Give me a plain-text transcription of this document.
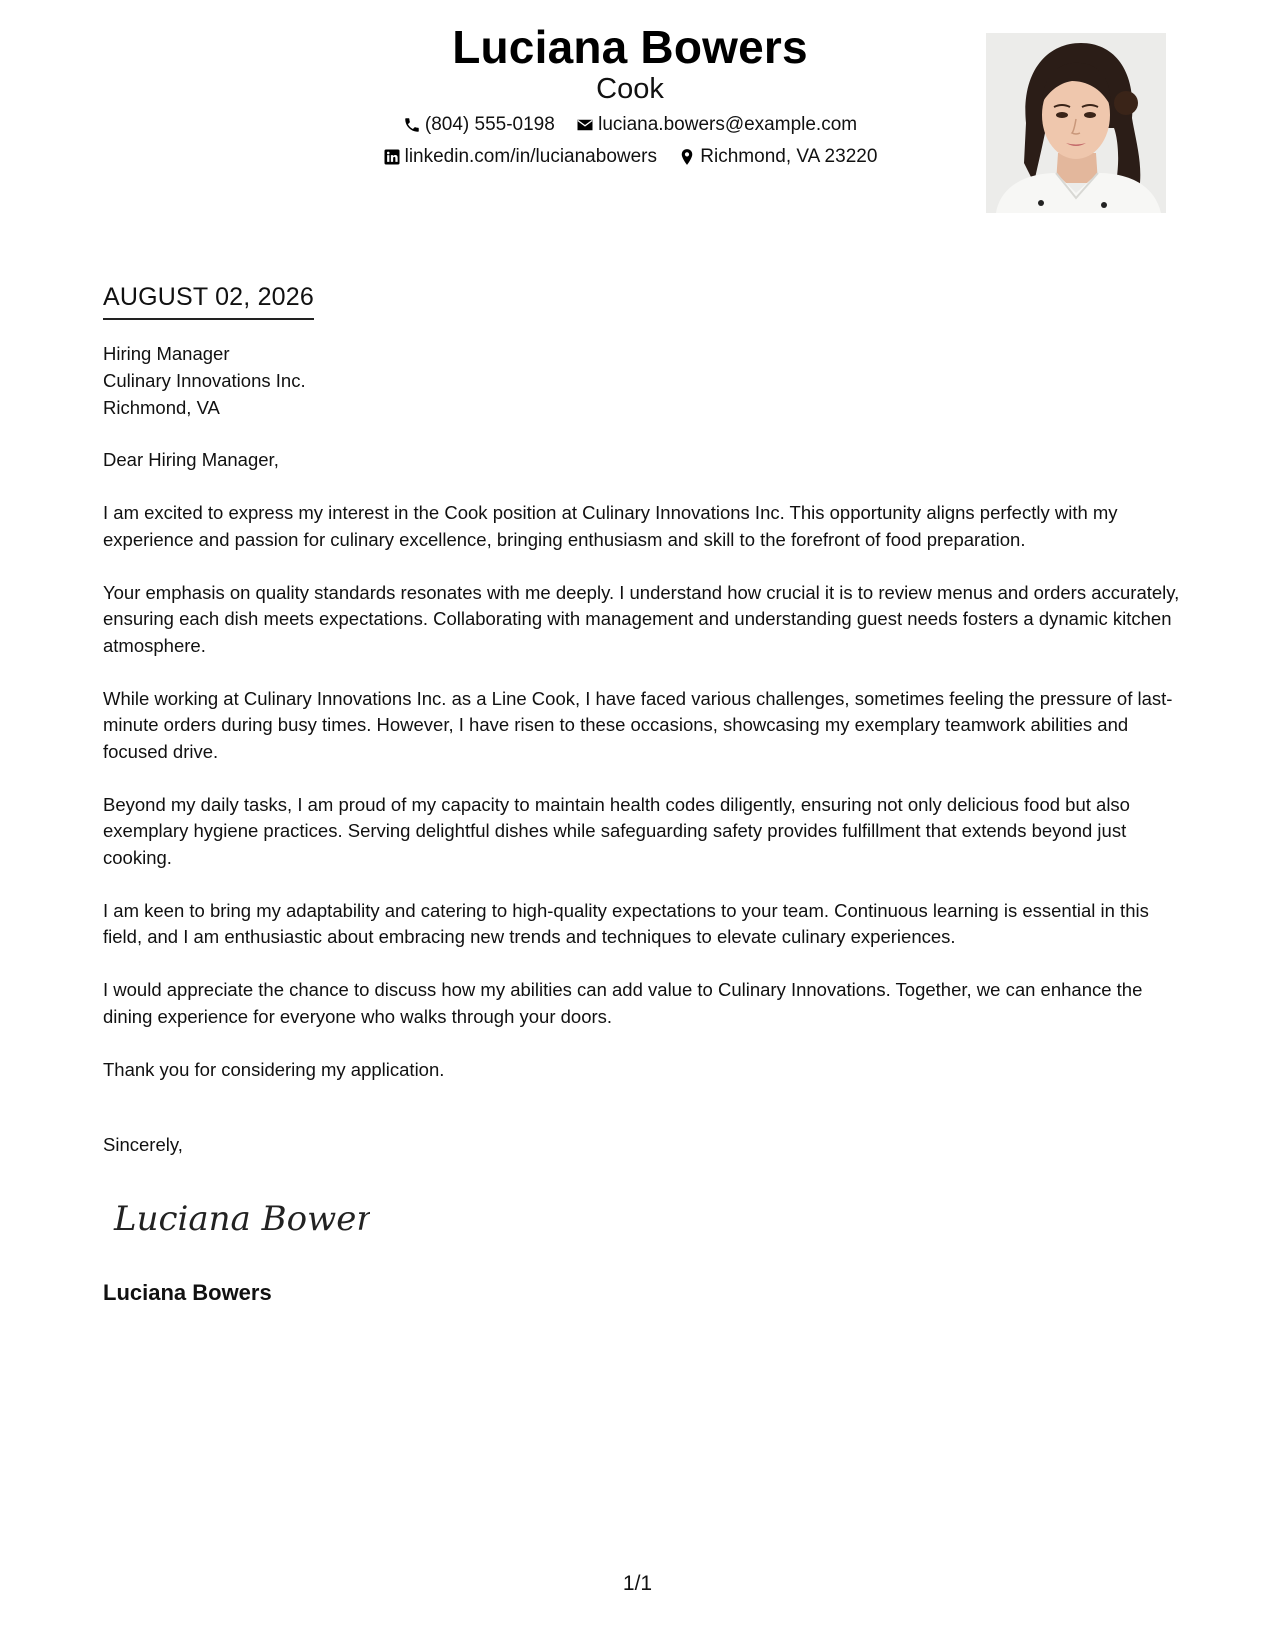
Luciana Bowers
Cook
(804) 555-0198
luciana.bowers@example.com
linkedin.com/in/lucianabowers
Richmond, VA 23220
AUGUST 02, 2026
Hiring Manager
Culinary Innovations Inc.
Richmond, VA

Dear Hiring Manager,

I am excited to express my interest in the Cook position at Culinary Innovations Inc. This opportunity aligns perfectly with my experience and passion for culinary excellence, bringing enthusiasm and skill to the forefront of food preparation.

Your emphasis on quality standards resonates with me deeply. I understand how crucial it is to review menus and orders accurately, ensuring each dish meets expectations. Collaborating with management and understanding guest needs fosters a dynamic kitchen atmosphere.

While working at Culinary Innovations Inc. as a Line Cook, I have faced various challenges, sometimes feeling the pressure of last-minute orders during busy times. However, I have risen to these occasions, showcasing my exemplary teamwork abilities and focused drive.

Beyond my daily tasks, I am proud of my capacity to maintain health codes diligently, ensuring not only delicious food but also exemplary hygiene practices. Serving delightful dishes while safeguarding safety provides fulfillment that extends beyond just cooking.

I am keen to bring my adaptability and catering to high-quality expectations to your team. Continuous learning is essential in this field, and I am enthusiastic about embracing new trends and techniques to elevate culinary experiences.

I would appreciate the chance to discuss how my abilities can add value to Culinary Innovations. Together, we can enhance the dining experience for everyone who walks through your doors.

Thank you for considering my application.

Sincerely,
Luciana Bowers
Luciana Bowers
1/1
